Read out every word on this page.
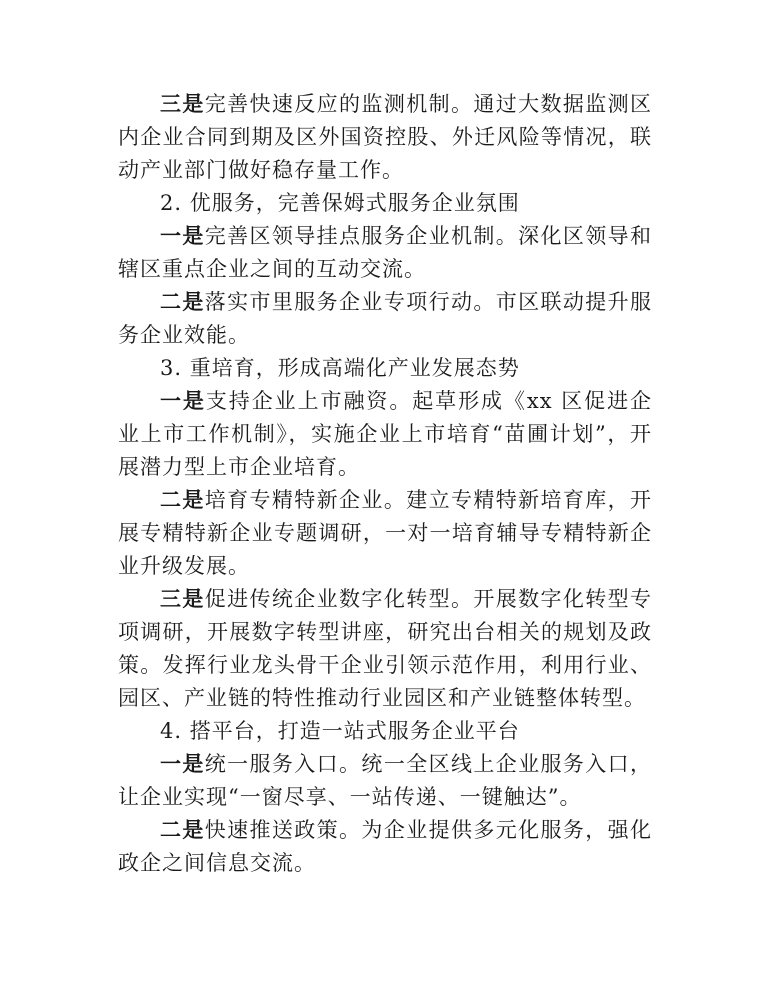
三是完善快速反应的监测机制。通过大数据监测区内企业合同到期及区外国资控股、外迁风险等情况，联动产业部门做好稳存量工作。

2. 优服务，完善保姆式服务企业氛围

一是完善区领导挂点服务企业机制。深化区领导和辖区重点企业之间的互动交流。

二是落实市里服务企业专项行动。市区联动提升服务企业效能。

3. 重培育，形成高端化产业发展态势

一是支持企业上市融资。起草形成《xx 区促进企业上市工作机制》，实施企业上市培育“苗圃计划”，开展潜力型上市企业培育。

二是培育专精特新企业。建立专精特新培育库，开展专精特新企业专题调研，一对一培育辅导专精特新企业升级发展。

三是促进传统企业数字化转型。开展数字化转型专项调研，开展数字转型讲座，研究出台相关的规划及政策。发挥行业龙头骨干企业引领示范作用，利用行业、园区、产业链的特性推动行业园区和产业链整体转型。

4. 搭平台，打造一站式服务企业平台

一是统一服务入口。统一全区线上企业服务入口，让企业实现“一窗尽享、一站传递、一键触达”。

二是快速推送政策。为企业提供多元化服务，强化政企之间信息交流。
